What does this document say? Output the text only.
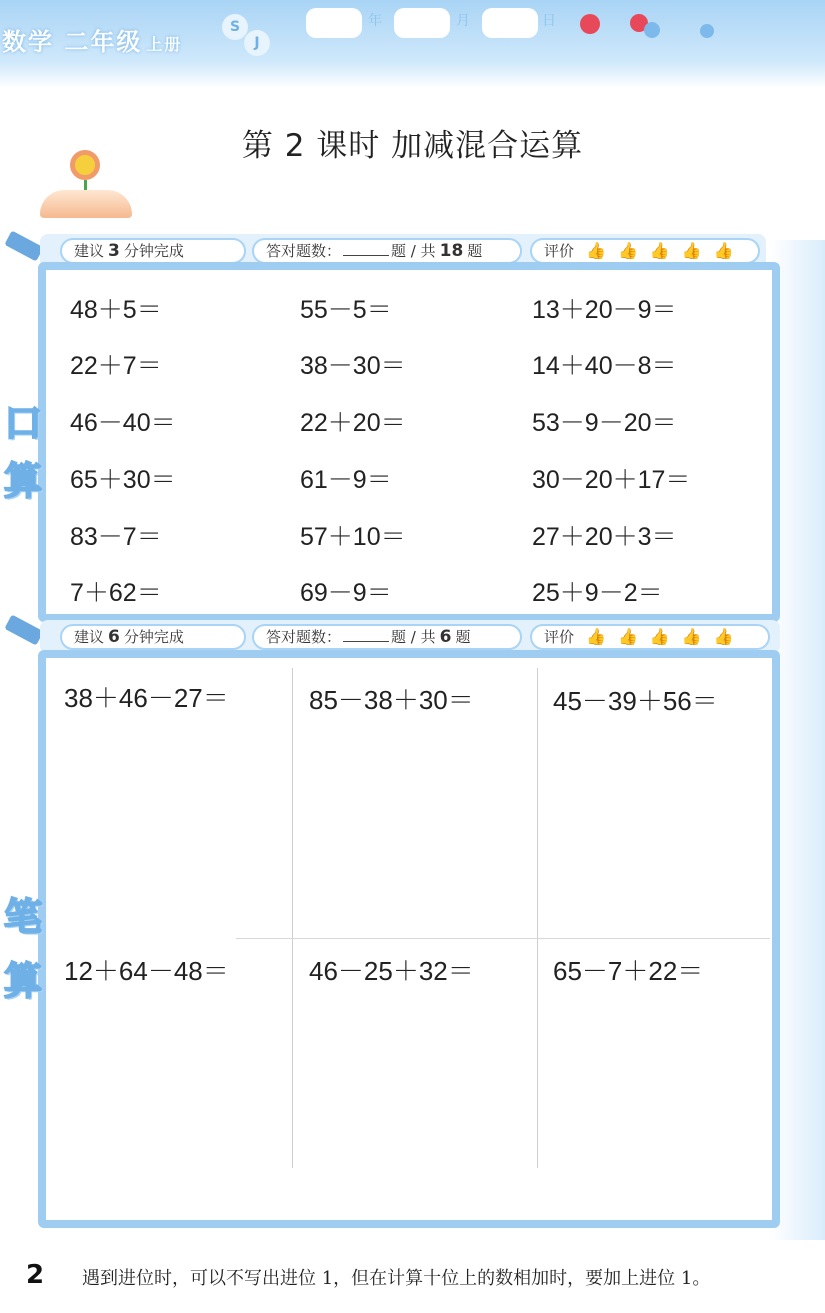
数学 二年级 上册
S
J
年	月	日
第 2 课时 加减混合运算
建议 3 分钟完成	答对题数：	题 / 共 18 题	评价 👍👍👍👍👍
口
算
48＋5＝	55－5＝	13＋20－9＝
22＋7＝	38－30＝	14＋40－8＝
46－40＝	22＋20＝	53－9－20＝
65＋30＝	61－9＝	30－20＋17＝
83－7＝	57＋10＝	27＋20＋3＝
7＋62＝	69－9＝	25＋9－2＝
建议 6 分钟完成	答对题数：	题 / 共 6 题	评价 👍👍👍👍👍
笔
算
38＋46－27＝	85－38＋30＝	45－39＋56＝
12＋64－48＝	46－25＋32＝	65－7＋22＝
2 遇到进位时，可以不写出进位 1，但在计算十位上的数相加时，要加上进位 1。
